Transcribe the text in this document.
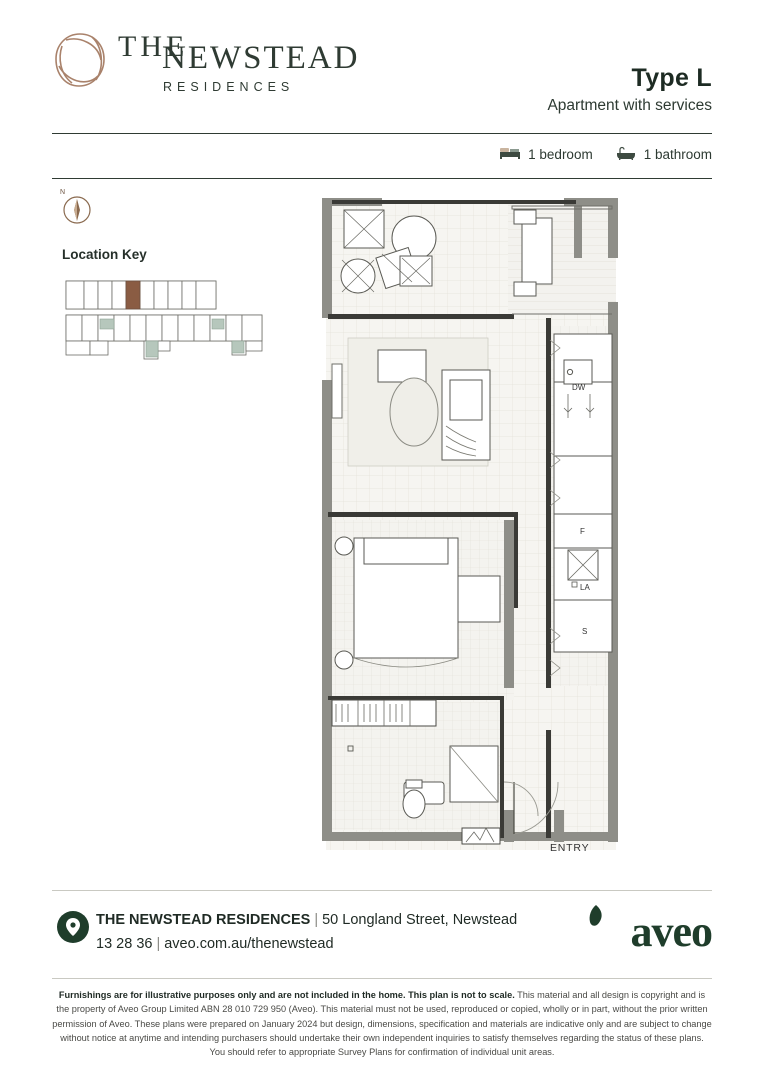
THE
NEWSTEAD
RESIDENCES	Type L
Apartment with services
1 bedroom	1 bathroom
N
Location Key
DW
F
LA
S
ENTRY
THE NEWSTEAD RESIDENCES | 50 Longland Street, Newstead
13 28 36 | aveo.com.au/thenewstead	aveo
Furnishings are for illustrative purposes only and are not included in the home. This plan is not to scale. This material and all design is copyright and is the property of Aveo Group Limited ABN 28 010 729 950 (Aveo). This material must not be used, reproduced or copied, wholly or in part, without the prior written permission of Aveo. These plans were prepared on January 2024 but design, dimensions, specification and materials are indicative only and are subject to change without notice at anytime and intending purchasers should undertake their own independent inquiries to satisfy themselves regarding the status of these plans. You should refer to appropriate Survey Plans for confirmation of individual unit areas.
